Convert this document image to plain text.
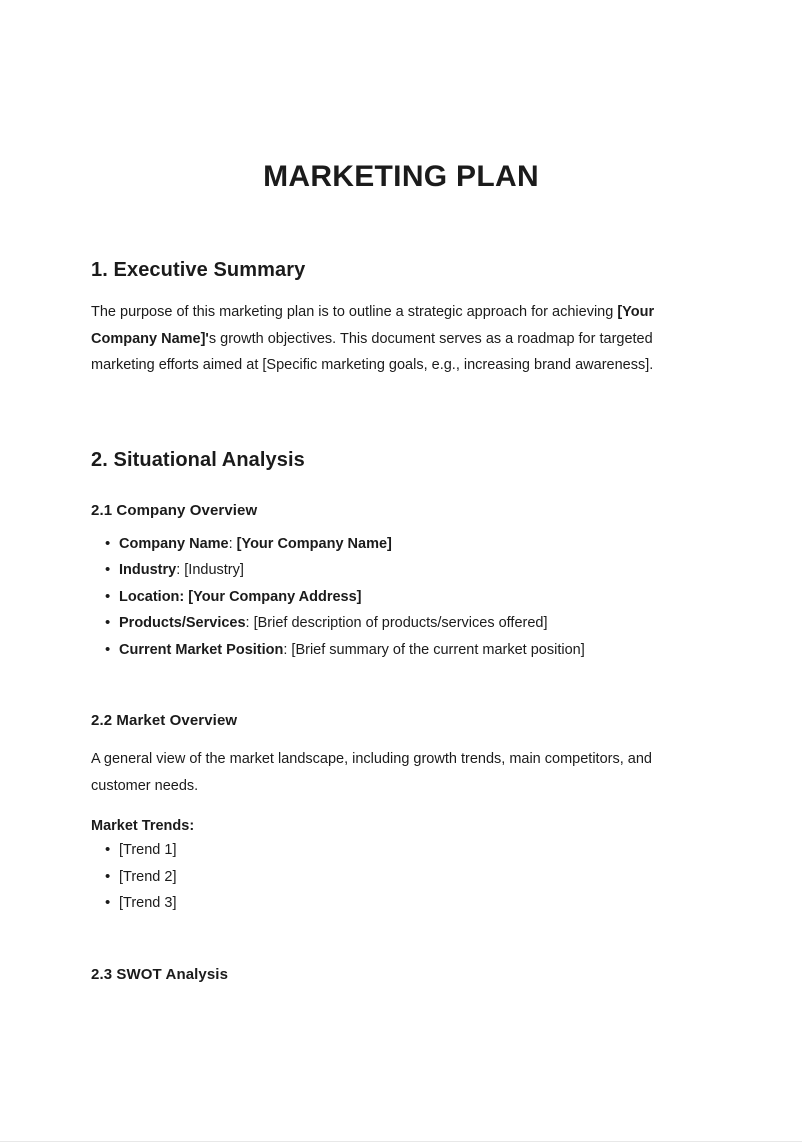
MARKETING PLAN
1. Executive Summary

The purpose of this marketing plan is to outline a strategic approach for achieving [Your Company Name]'s growth objectives. This document serves as a roadmap for targeted marketing efforts aimed at [Specific marketing goals, e.g., increasing brand awareness].

2. Situational Analysis
2.1 Company Overview
• Company Name: [Your Company Name]
• Industry: [Industry]
• Location: [Your Company Address]
• Products/Services: [Brief description of products/services offered]
• Current Market Position: [Brief summary of the current market position]
2.2 Market Overview

A general view of the market landscape, including growth trends, main competitors, and customer needs.

Market Trends:

• [Trend 1]
• [Trend 2]
• [Trend 3]
2.3 SWOT Analysis
